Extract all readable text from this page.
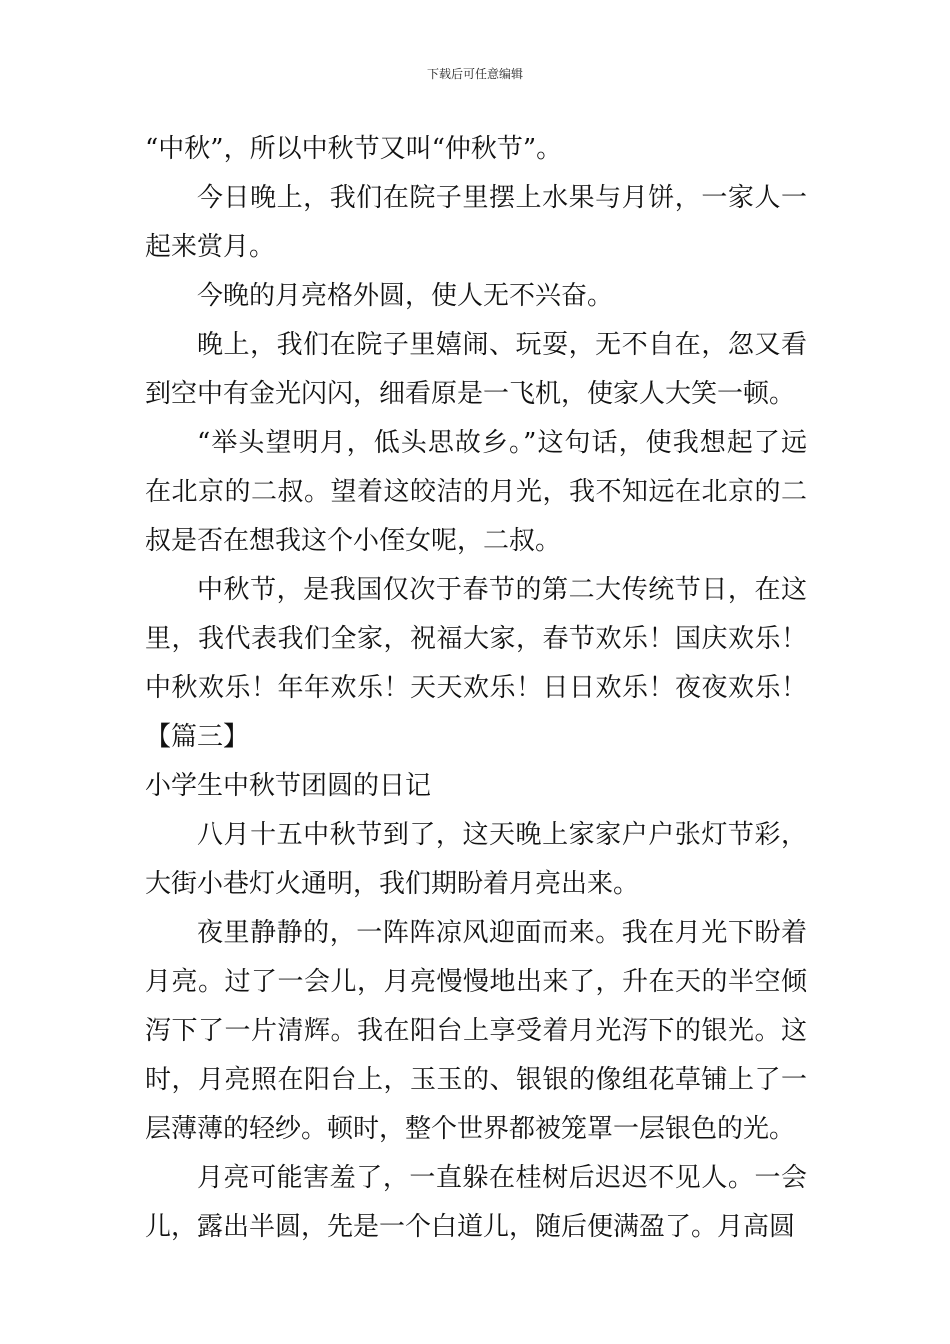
下载后可任意编辑

“中秋”，所以中秋节又叫“仲秋节”。

今日晚上，我们在院子里摆上水果与月饼，一家人一起来赏月。

今晚的月亮格外圆，使人无不兴奋。

晚上，我们在院子里嬉闹、玩耍，无不自在，忽又看到空中有金光闪闪，细看原是一飞机，使家人大笑一顿。

“举头望明月，低头思故乡。”这句话，使我想起了远在北京的二叔。望着这皎洁的月光，我不知远在北京的二叔是否在想我这个小侄女呢，二叔。

中秋节，是我国仅次于春节的第二大传统节日，在这里，我代表我们全家，祝福大家，春节欢乐！国庆欢乐！中秋欢乐！年年欢乐！天天欢乐！日日欢乐！夜夜欢乐！【篇三】

小学生中秋节团圆的日记

八月十五中秋节到了，这天晚上家家户户张灯节彩，大街小巷灯火通明，我们期盼着月亮出来。

夜里静静的，一阵阵凉风迎面而来。我在月光下盼着月亮。过了一会儿，月亮慢慢地出来了，升在天的半空倾泻下了一片清辉。我在阳台上享受着月光泻下的银光。这时，月亮照在阳台上，玉玉的、银银的像组花草铺上了一层薄薄的轻纱。顿时，整个世界都被笼罩一层银色的光。

月亮可能害羞了，一直躲在桂树后迟迟不见人。一会儿，露出半圆，先是一个白道儿，随后便满盈了。月高圆
